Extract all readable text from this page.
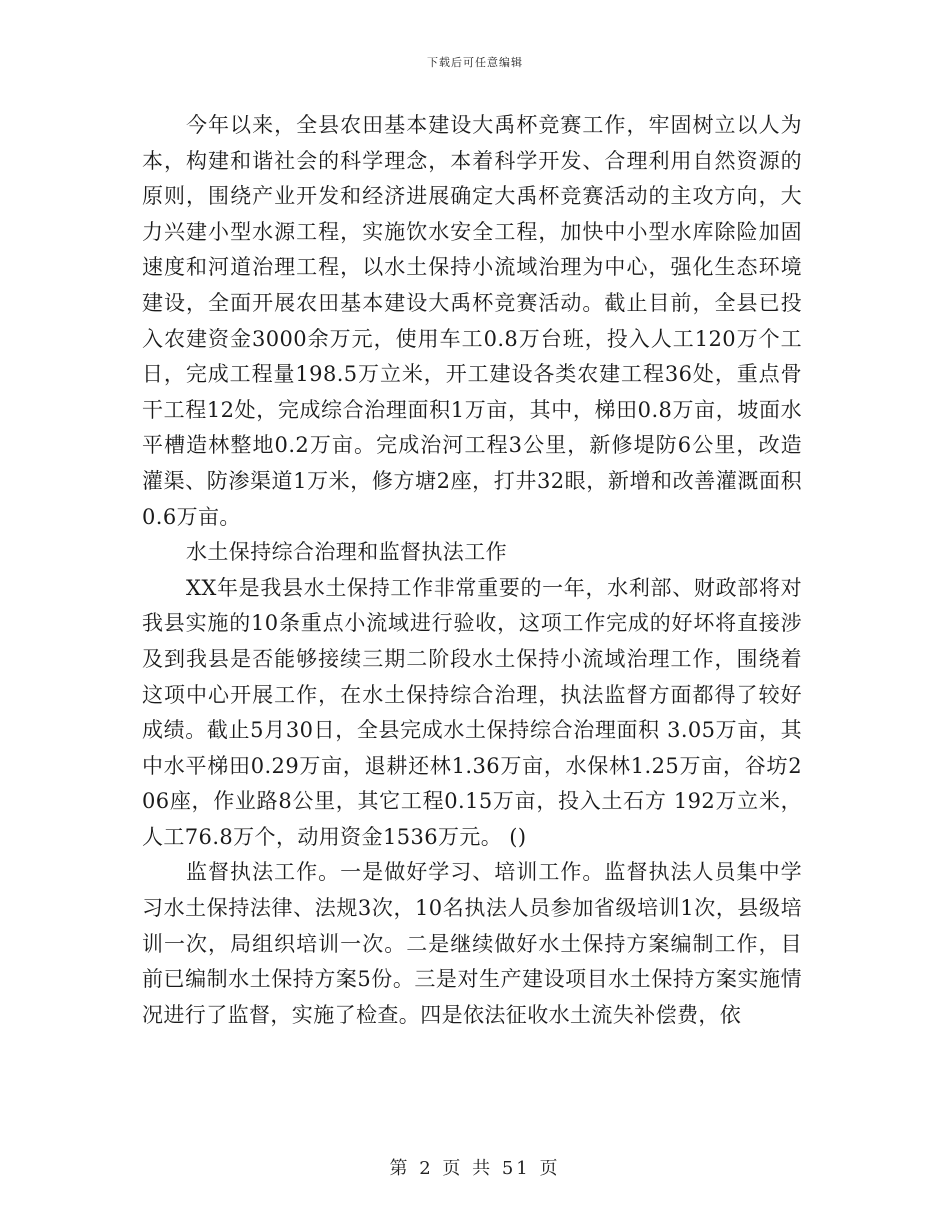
下载后可任意编辑

今年以来，全县农田基本建设大禹杯竞赛工作，牢固树立以人为本，构建和谐社会的科学理念，本着科学开发、合理利用自然资源的原则，围绕产业开发和经济进展确定大禹杯竞赛活动的主攻方向，大力兴建小型水源工程，实施饮水安全工程，加快中小型水库除险加固速度和河道治理工程，以水土保持小流域治理为中心，强化生态环境建设，全面开展农田基本建设大禹杯竞赛活动。截止目前，全县已投入农建资金3000余万元，使用车工0.8万台班，投入人工120万个工日，完成工程量198.5万立米，开工建设各类农建工程36处，重点骨干工程12处，完成综合治理面积1万亩，其中，梯田0.8万亩，坡面水平槽造林整地0.2万亩。完成治河工程3公里，新修堤防6公里，改造灌渠、防渗渠道1万米，修方塘2座，打井32眼，新增和改善灌溉面积0.6万亩。

水土保持综合治理和监督执法工作

XX年是我县水土保持工作非常重要的一年，水利部、财政部将对我县实施的10条重点小流域进行验收，这项工作完成的好坏将直接涉及到我县是否能够接续三期二阶段水土保持小流域治理工作，围绕着这项中心开展工作，在水土保持综合治理，执法监督方面都得了较好成绩。截止5月30日，全县完成水土保持综合治理面积 3.05万亩，其中水平梯田0.29万亩，退耕还林1.36万亩，水保林1.25万亩，谷坊206座，作业路8公里，其它工程0.15万亩，投入土石方 192万立米，人工76.8万个，动用资金1536万元。 ()

监督执法工作。一是做好学习、培训工作。监督执法人员集中学习水土保持法律、法规3次，10名执法人员参加省级培训1次，县级培训一次，局组织培训一次。二是继续做好水土保持方案编制工作，目前已编制水土保持方案5份。三是对生产建设项目水土保持方案实施情况进行了监督，实施了检查。四是依法征收水土流失补偿费，依

第 2 页 共 51 页
